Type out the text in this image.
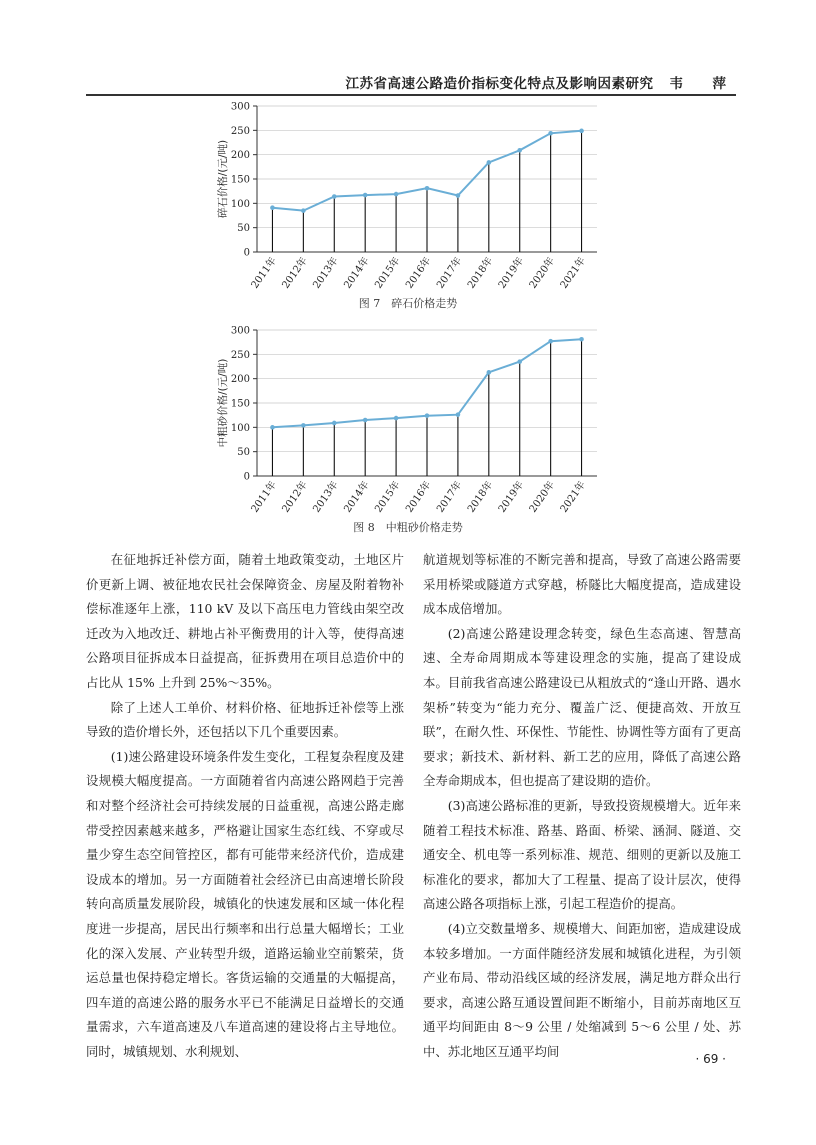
江苏省高速公路造价指标变化特点及影响因素研究 韦　萍
0
50
100
150
200
250
300
2011年 2012年 2013年 2014年 2015年 2016年 2017年 2018年 2019年 2020年 2021年
碎石价格/(元/吨)
图 7　碎石价格走势
0
50
100
150
200
250
300
2011年 2012年 2013年 2014年 2015年 2016年 2017年 2018年 2019年 2020年 2021年
中粗砂价格/(元/吨)
图 8　中粗砂价格走势

在征地拆迁补偿方面，随着土地政策变动，土地区片价更新上调、被征地农民社会保障资金、房屋及附着物补偿标准逐年上涨，110 kV 及以下高压电力管线由架空改迁改为入地改迁、耕地占补平衡费用的计入等，使得高速公路项目征拆成本日益提高，征拆费用在项目总造价中的占比从 15% 上升到 25%～35%。

除了上述人工单价、材料价格、征地拆迁补偿等上涨导致的造价增长外，还包括以下几个重要因素。

(1)速公路建设环境条件发生变化，工程复杂程度及建设规模大幅度提高。一方面随着省内高速公路网趋于完善和对整个经济社会可持续发展的日益重视，高速公路走廊带受控因素越来越多，严格避让国家生态红线、不穿或尽量少穿生态空间管控区，都有可能带来经济代价，造成建设成本的增加。另一方面随着社会经济已由高速增长阶段转向高质量发展阶段，城镇化的快速发展和区域一体化程度进一步提高，居民出行频率和出行总量大幅增长；工业化的深入发展、产业转型升级，道路运输业空前繁荣，货运总量也保持稳定增长。客货运输的交通量的大幅提高，四车道的高速公路的服务水平已不能满足日益增长的交通量需求，六车道高速及八车道高速的建设将占主导地位。同时，城镇规划、水利规划、

航道规划等标准的不断完善和提高，导致了高速公路需要采用桥梁或隧道方式穿越，桥隧比大幅度提高，造成建设成本成倍增加。

(2)高速公路建设理念转变，绿色生态高速、智慧高速、全寿命周期成本等建设理念的实施，提高了建设成本。目前我省高速公路建设已从粗放式的“逢山开路、遇水架桥”转变为“能力充分、覆盖广泛、便捷高效、开放互联”，在耐久性、环保性、节能性、协调性等方面有了更高要求；新技术、新材料、新工艺的应用，降低了高速公路全寿命期成本，但也提高了建设期的造价。

(3)高速公路标准的更新，导致投资规模增大。近年来随着工程技术标准、路基、路面、桥梁、涵洞、隧道、交通安全、机电等一系列标准、规范、细则的更新以及施工标准化的要求，都加大了工程量、提高了设计层次，使得高速公路各项指标上涨，引起工程造价的提高。

(4)立交数量增多、规模增大、间距加密，造成建设成本较多增加。一方面伴随经济发展和城镇化进程，为引领产业布局、带动沿线区域的经济发展，满足地方群众出行要求，高速公路互通设置间距不断缩小，目前苏南地区互通平均间距由 8～9 公里 / 处缩减到 5～6 公里 / 处、苏中、苏北地区互通平均间

· 69 ·
